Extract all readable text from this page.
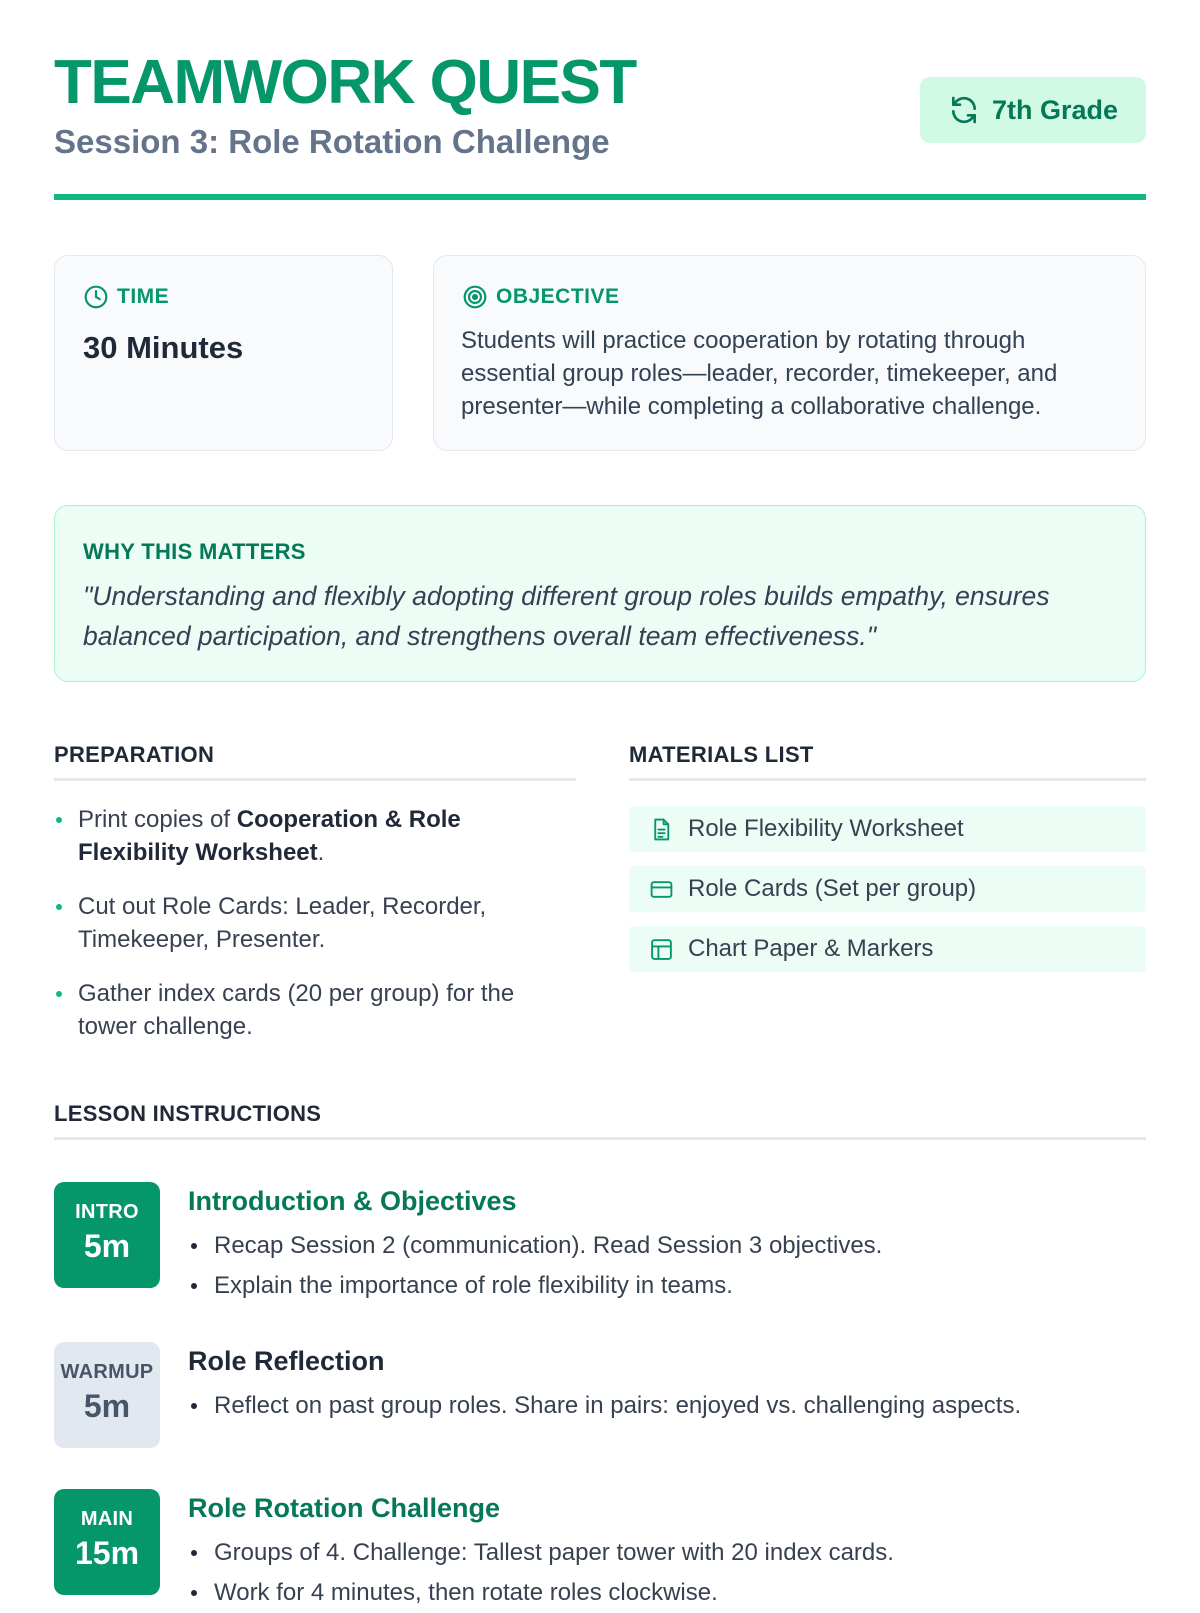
TEAMWORK QUEST
Session 3: Role Rotation Challenge
7th Grade
TIME
30 Minutes
OBJECTIVE

Students will practice cooperation by rotating through essential group roles—leader, recorder, timekeeper, and presenter—while completing a collaborative challenge.

WHY THIS MATTERS

"Understanding and flexibly adopting different group roles builds empathy, ensures balanced participation, and strengthens overall team effectiveness."

PREPARATION
Print copies of Cooperation & Role Flexibility Worksheet.
Cut out Role Cards: Leader, Recorder, Timekeeper, Presenter.
Gather index cards (20 per group) for the tower challenge.
MATERIALS LIST
Role Flexibility Worksheet
Role Cards (Set per group)
Chart Paper & Markers
LESSON INSTRUCTIONS
INTRO
5m
Introduction & Objectives
Recap Session 2 (communication). Read Session 3 objectives.
Explain the importance of role flexibility in teams.
WARMUP
5m
Role Reflection
Reflect on past group roles. Share in pairs: enjoyed vs. challenging aspects.
MAIN
15m
Role Rotation Challenge
Groups of 4. Challenge: Tallest paper tower with 20 index cards.
Work for 4 minutes, then rotate roles clockwise.
